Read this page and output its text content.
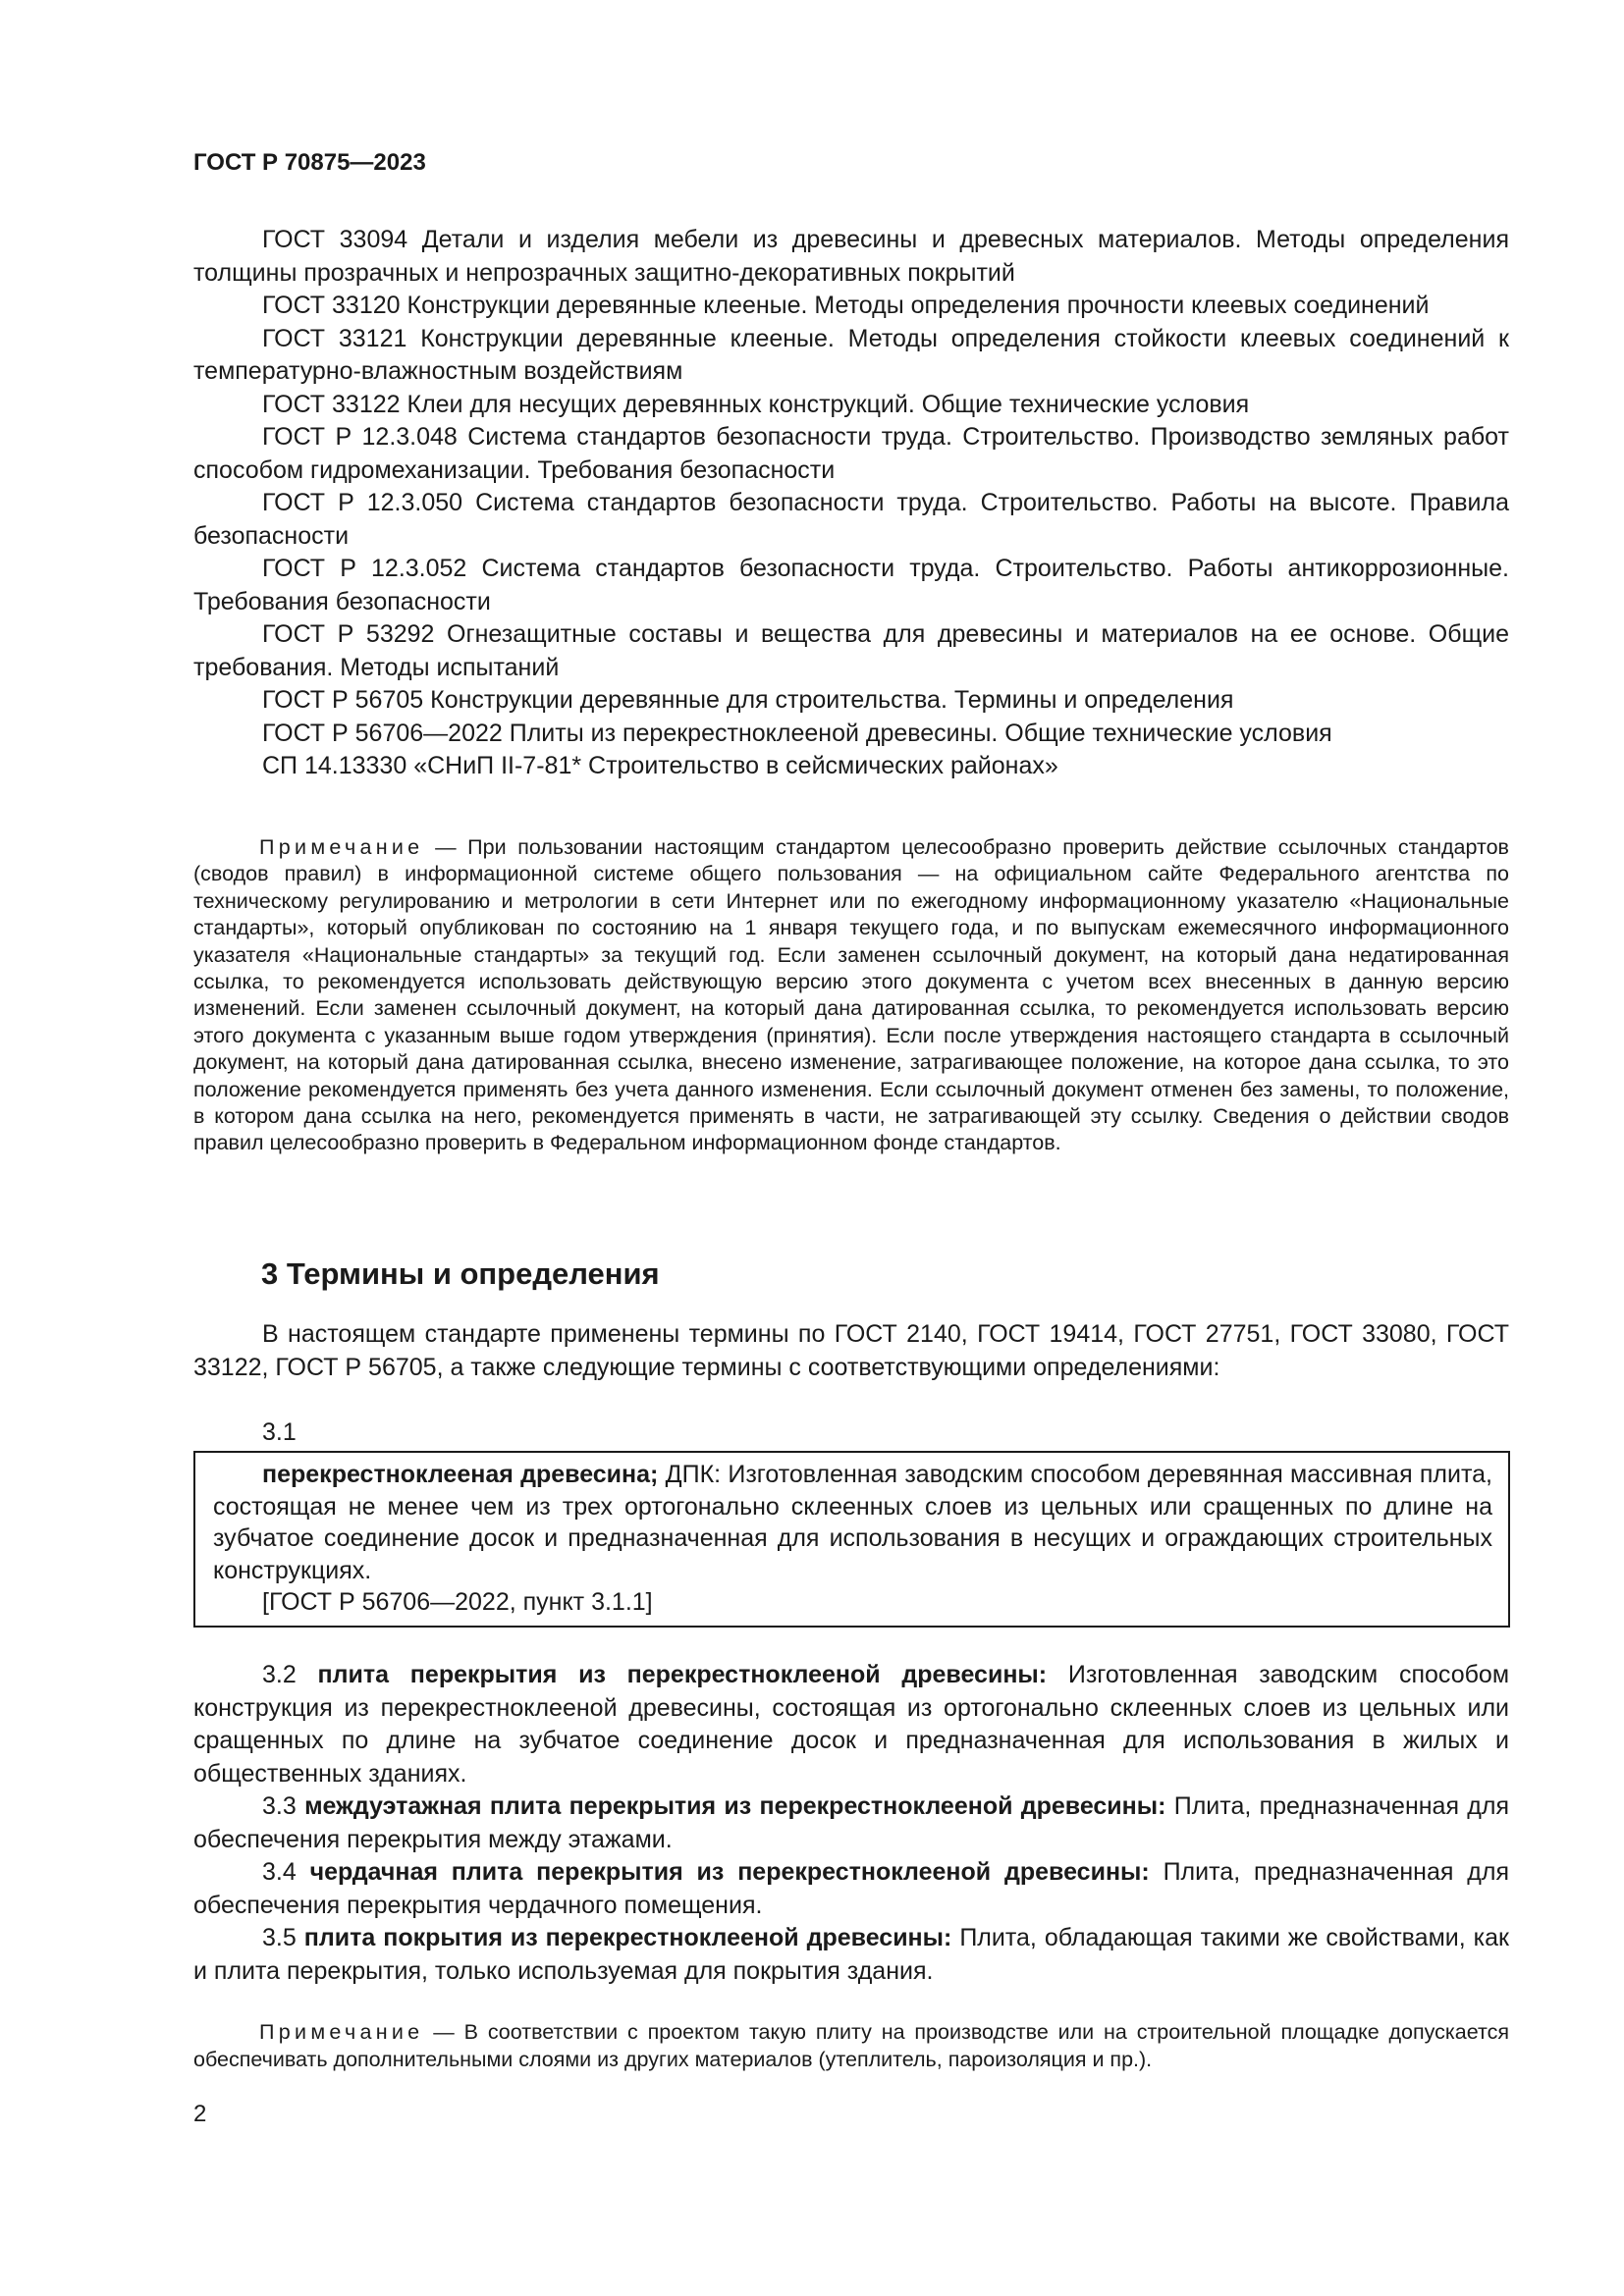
ГОСТ Р 70875—2023

ГОСТ 33094 Детали и изделия мебели из древесины и древесных материалов. Методы определения толщины прозрачных и непрозрачных защитно-декоративных покрытий

ГОСТ 33120 Конструкции деревянные клееные. Методы определения прочности клеевых соединений

ГОСТ 33121 Конструкции деревянные клееные. Методы определения стойкости клеевых соединений к температурно-влажностным воздействиям

ГОСТ 33122 Клеи для несущих деревянных конструкций. Общие технические условия

ГОСТ Р 12.3.048 Система стандартов безопасности труда. Строительство. Производство земляных работ способом гидромеханизации. Требования безопасности

ГОСТ Р 12.3.050 Система стандартов безопасности труда. Строительство. Работы на высоте. Правила безопасности

ГОСТ Р 12.3.052 Система стандартов безопасности труда. Строительство. Работы антикоррозионные. Требования безопасности

ГОСТ Р 53292 Огнезащитные составы и вещества для древесины и материалов на ее основе. Общие требования. Методы испытаний

ГОСТ Р 56705 Конструкции деревянные для строительства. Термины и определения

ГОСТ Р 56706—2022 Плиты из перекрестноклееной древесины. Общие технические условия

СП 14.13330 «СНиП II-7-81* Строительство в сейсмических районах»

Примечание — При пользовании настоящим стандартом целесообразно проверить действие ссылочных стандартов (сводов правил) в информационной системе общего пользования — на официальном сайте Федерального агентства по техническому регулированию и метрологии в сети Интернет или по ежегодному информационному указателю «Национальные стандарты», который опубликован по состоянию на 1 января текущего года, и по выпускам ежемесячного информационного указателя «Национальные стандарты» за текущий год. Если заменен ссылочный документ, на который дана недатированная ссылка, то рекомендуется использовать действующую версию этого документа с учетом всех внесенных в данную версию изменений. Если заменен ссылочный документ, на который дана датированная ссылка, то рекомендуется использовать версию этого документа с указанным выше годом утверждения (принятия). Если после утверждения настоящего стандарта в ссылочный документ, на который дана датированная ссылка, внесено изменение, затрагивающее положение, на которое дана ссылка, то это положение рекомендуется применять без учета данного изменения. Если ссылочный документ отменен без замены, то положение, в котором дана ссылка на него, рекомендуется применять в части, не затрагивающей эту ссылку. Сведения о действии сводов правил целесообразно проверить в Федеральном информационном фонде стандартов.

3 Термины и определения

В настоящем стандарте применены термины по ГОСТ 2140, ГОСТ 19414, ГОСТ 27751, ГОСТ 33080, ГОСТ 33122, ГОСТ Р 56705, а также следующие термины с соответствующими определениями:

3.1

перекрестноклееная древесина; ДПК: Изготовленная заводским способом деревянная массивная плита, состоящая не менее чем из трех ортогонально склеенных слоев из цельных или сращенных по длине на зубчатое соединение досок и предназначенная для использования в несущих и ограждающих строительных конструкциях.

[ГОСТ Р 56706—2022, пункт 3.1.1]

3.2 плита перекрытия из перекрестноклееной древесины: Изготовленная заводским способом конструкция из перекрестноклееной древесины, состоящая из ортогонально склеенных слоев из цельных или сращенных по длине на зубчатое соединение досок и предназначенная для использования в жилых и общественных зданиях.

3.3 междуэтажная плита перекрытия из перекрестноклееной древесины: Плита, предназначенная для обеспечения перекрытия между этажами.

3.4 чердачная плита перекрытия из перекрестноклееной древесины: Плита, предназначенная для обеспечения перекрытия чердачного помещения.

3.5 плита покрытия из перекрестноклееной древесины: Плита, обладающая такими же свойствами, как и плита перекрытия, только используемая для покрытия здания.

Примечание — В соответствии с проектом такую плиту на производстве или на строительной площадке допускается обеспечивать дополнительными слоями из других материалов (утеплитель, пароизоляция и пр.).

2
